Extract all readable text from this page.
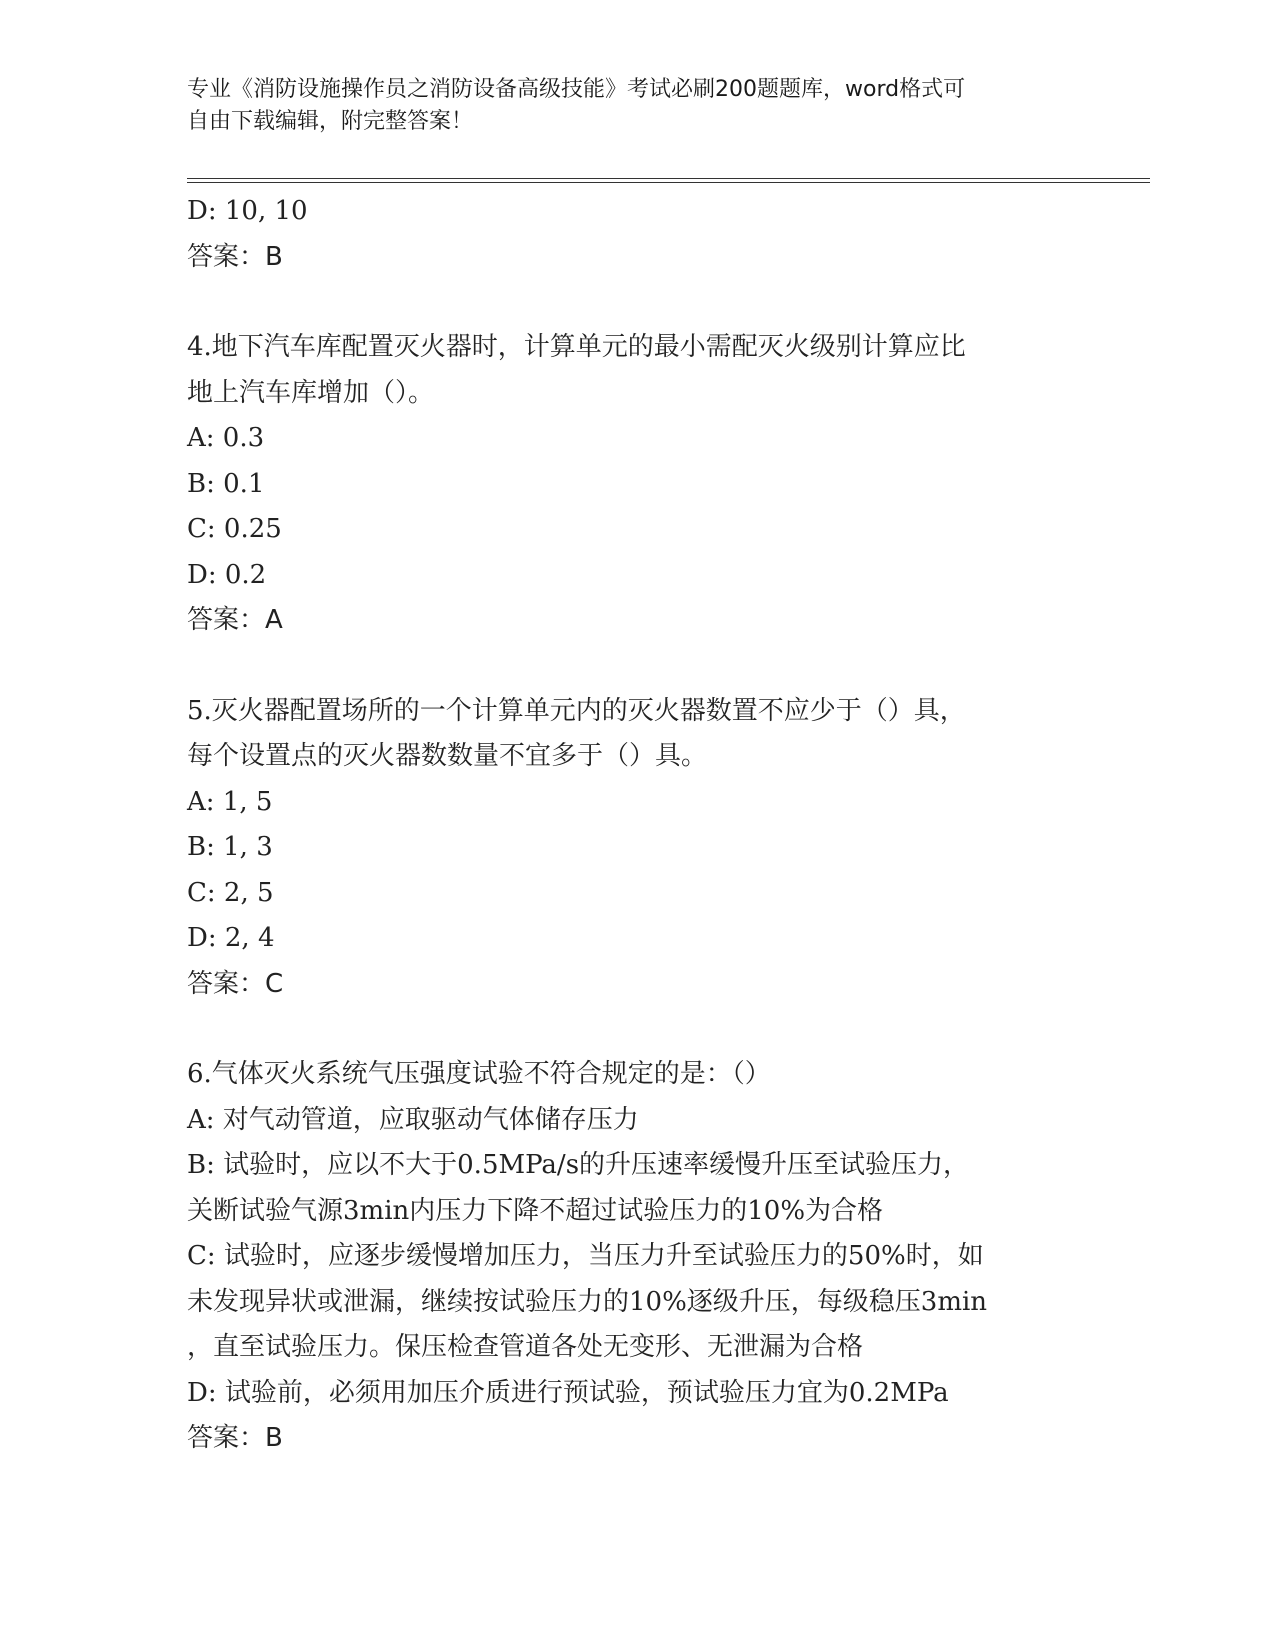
专业《消防设施操作员之消防设备高级技能》考试必刷200题题库，word格式可
自由下载编辑，附完整答案！
D: 10, 10
答案：B
4.地下汽车库配置灭火器时，计算单元的最小需配灭火级别计算应比
地上汽车库增加（）。
A: 0.3
B: 0.1
C: 0.25
D: 0.2
答案：A
5.灭火器配置场所的一个计算单元内的灭火器数置不应少于（）具，
每个设置点的灭火器数数量不宜多于（）具。
A: 1, 5
B: 1, 3
C: 2, 5
D: 2, 4
答案：C
6.气体灭火系统气压强度试验不符合规定的是：（）
A: 对气动管道，应取驱动气体储存压力
B: 试验时，应以不大于0.5MPa/s的升压速率缓慢升压至试验压力，
关断试验气源3min内压力下降不超过试验压力的10%为合格
C: 试验时，应逐步缓慢增加压力，当压力升至试验压力的50%时，如
未发现异状或泄漏，继续按试验压力的10%逐级升压，每级稳压3min
，直至试验压力。保压检查管道各处无变形、无泄漏为合格
D: 试验前，必须用加压介质进行预试验，预试验压力宜为0.2MPa
答案：B
